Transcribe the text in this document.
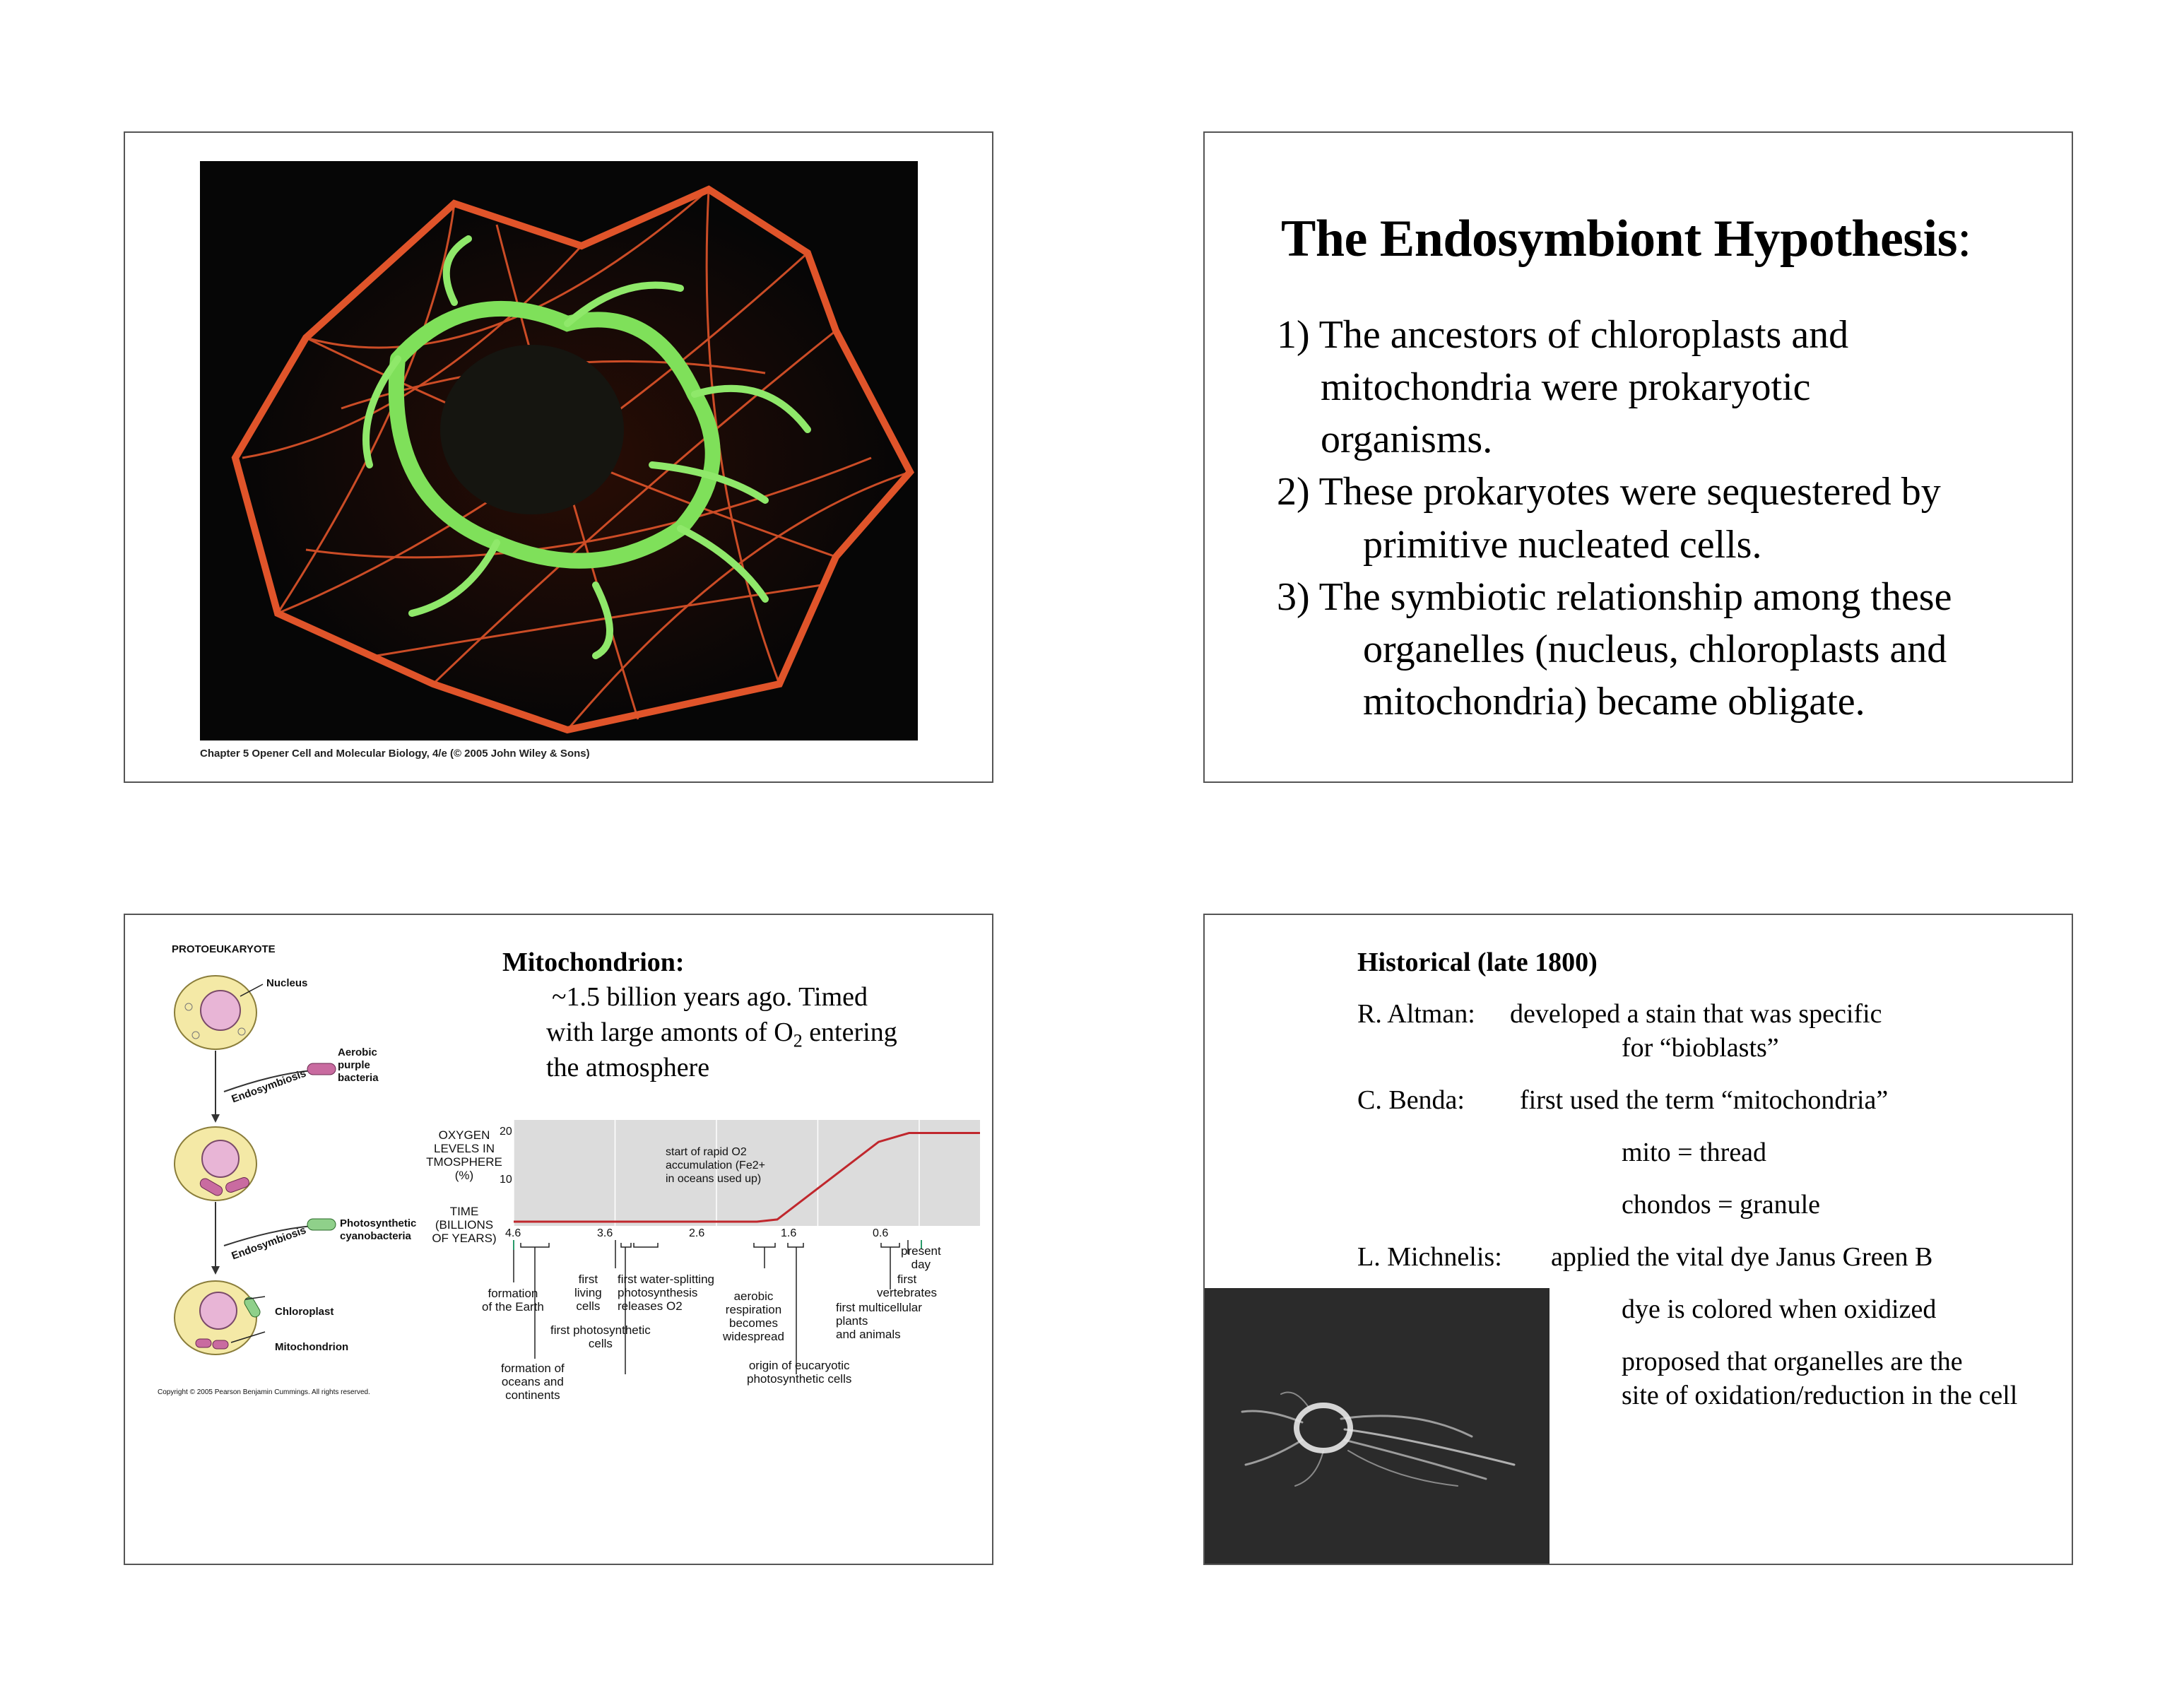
Chapter 5 Opener Cell and Molecular Biology, 4/e (© 2005 John Wiley & Sons)
The Endosymbiont Hypothesis:
1) The ancestors of chloroplasts and
mitochondria were prokaryotic
organisms.
2) These prokaryotes were sequestered by
primitive nucleated cells.
3) The symbiotic relationship among these
organelles (nucleus, chloroplasts and
mitochondria) became obligate.
PROTOEUKARYOTE
Nucleus
Aerobic
purple
bacteria
Endosymbiosis
Photosynthetic
cyanobacteria
Endosymbiosis
Chloroplast
Mitochondrion
Copyright © 2005 Pearson Benjamin Cummings. All rights reserved.
Mitochondrion:
~1.5 billion years ago. Timed
with large amonts of $O_2$ entering
the atmosphere
OXYGEN
LEVELS IN
TMOSPHERE
(%)
20
10
TIME
(BILLIONS
OF YEARS)
start of rapid O2
accumulation (Fe2+
in oceans used up)
4.6	3.6	2.6	1.6	0.6
formation
of the Earth
formation of
oceans and
continents
first
living
cells
first water-splitting
photosynthesis
releases O2
first photosynthetic
cells
aerobic
respiration
becomes
widespread
origin of eucaryotic
photosynthetic cells
first multicellular
plants
and animals
first
vertebrates
present
day
Historical (late 1800)
R. Altman: developed a stain that was specific
for “bioblasts”
C. Benda: first used the term “mitochondria”
mito = thread
chondos = granule
L. Michnelis: applied the vital dye Janus Green B
dye is colored when oxidized
proposed that organelles are the
site of oxidation/reduction in the cell
